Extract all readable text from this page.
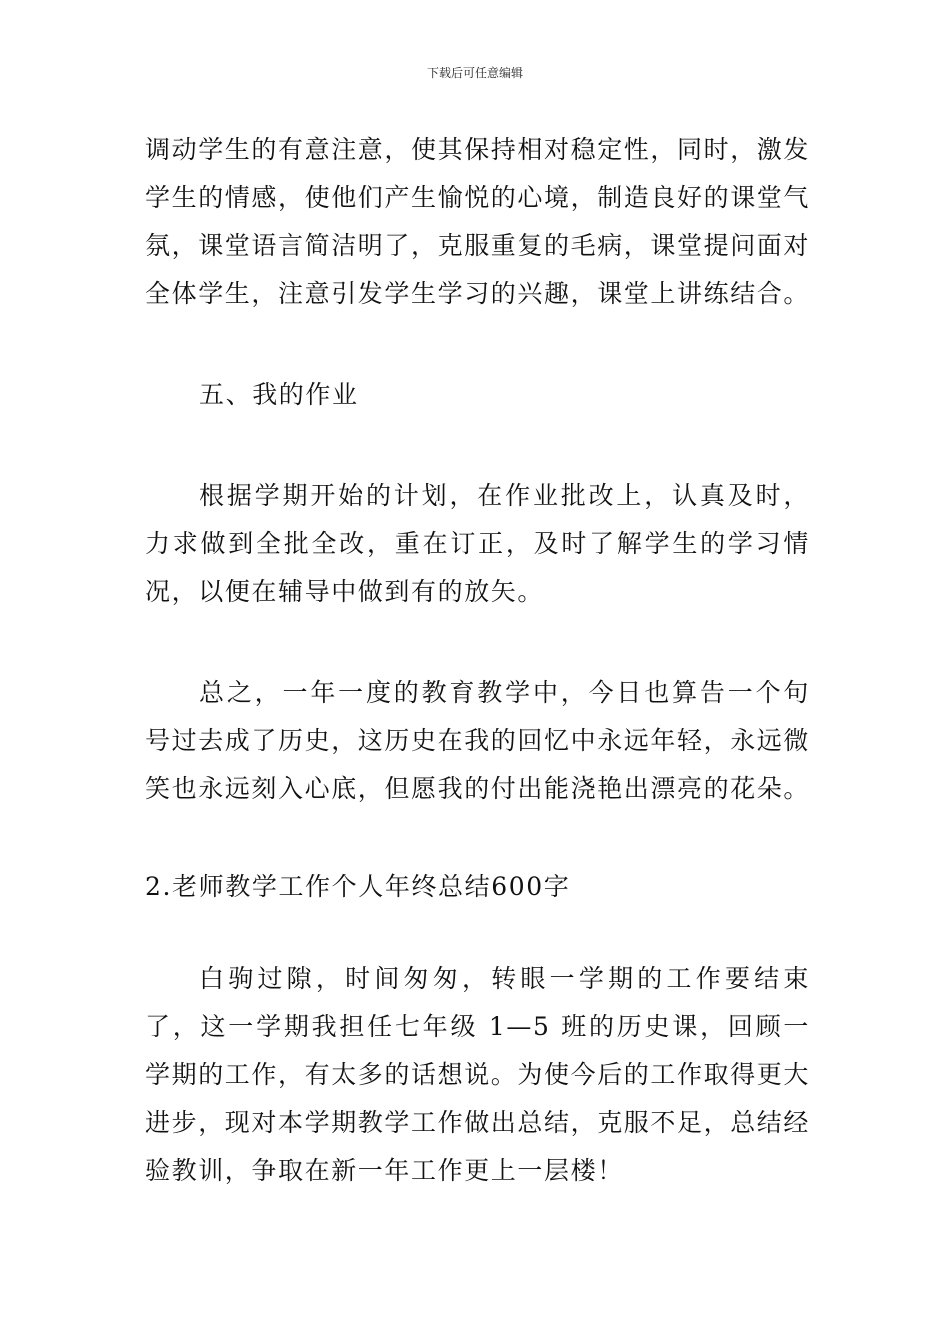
下载后可任意编辑

调动学生的有意注意，使其保持相对稳定性，同时，激发学生的情感，使他们产生愉悦的心境，制造良好的课堂气氛，课堂语言简洁明了，克服重复的毛病，课堂提问面对全体学生，注意引发学生学习的兴趣，课堂上讲练结合。

五、我的作业

根据学期开始的计划，在作业批改上，认真及时，力求做到全批全改，重在订正，及时了解学生的学习情况，以便在辅导中做到有的放矢。

总之，一年一度的教育教学中，今日也算告一个句号过去成了历史，这历史在我的回忆中永远年轻，永远微笑也永远刻入心底，但愿我的付出能浇艳出漂亮的花朵。

2.老师教学工作个人年终总结600字

白驹过隙，时间匆匆，转眼一学期的工作要结束了，这一学期我担任七年级 1—5 班的历史课，回顾一学期的工作，有太多的话想说。为使今后的工作取得更大进步，现对本学期教学工作做出总结，克服不足，总结经验教训，争取在新一年工作更上一层楼！
